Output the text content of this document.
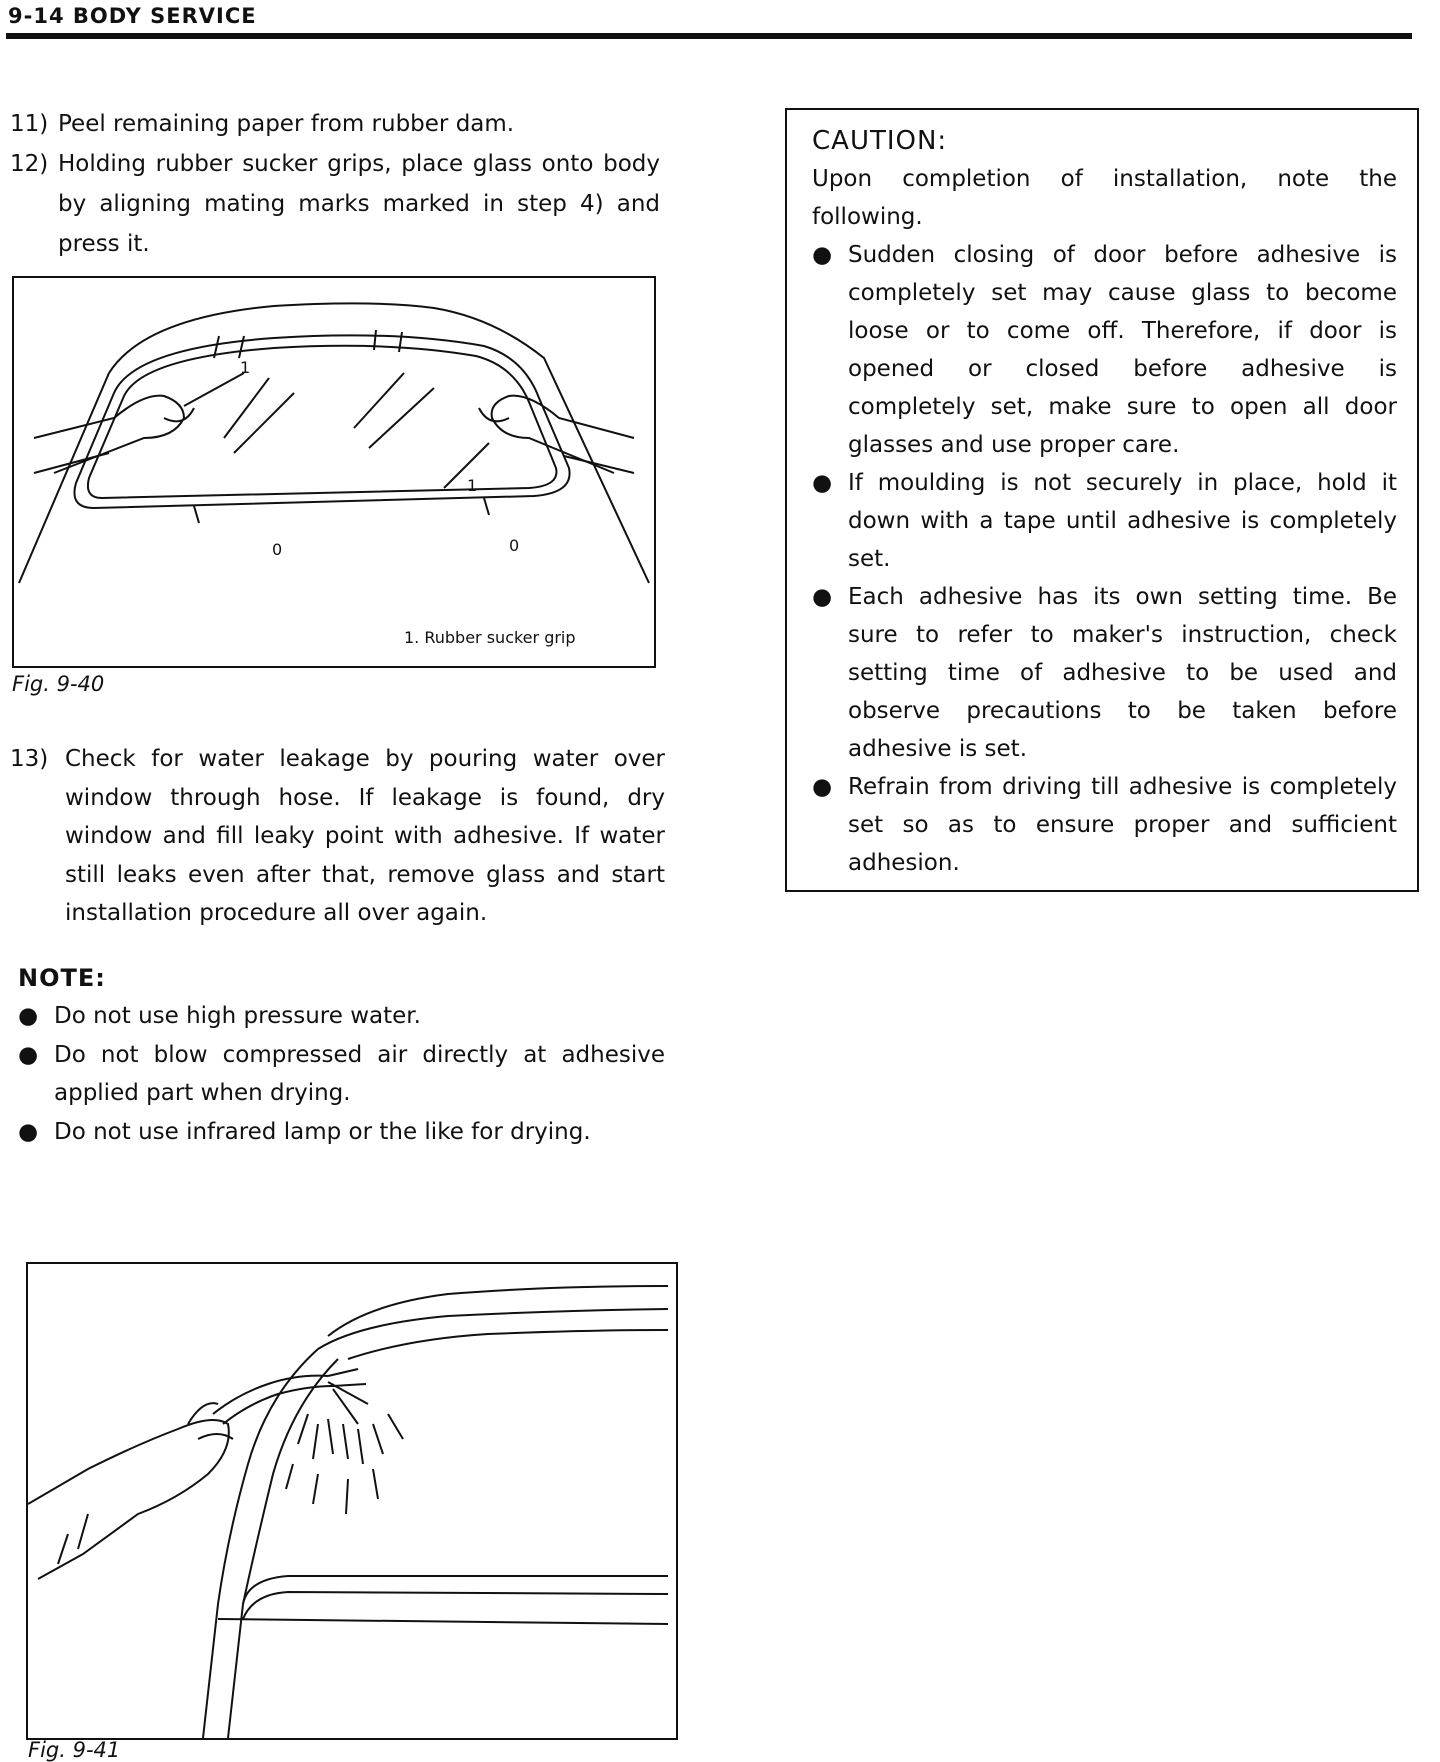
9-14 BODY SERVICE
11) Peel remaining paper from rubber dam.
12) Holding rubber sucker grips, place glass onto body by aligning mating marks marked in step 4) and press it.
1
1
0	0
1. Rubber sucker grip
Fig. 9-40
13) Check for water leakage by pouring water over window through hose. If leakage is found, dry window and fill leaky point with adhesive. If water still leaks even after that, remove glass and start installation procedure all over again.
NOTE:
● Do not use high pressure water.
● Do not blow compressed air directly at adhesive applied part when drying.
● Do not use infrared lamp or the like for drying.
Fig. 9-41
CAUTION:
Upon completion of installation, note the following.
● Sudden closing of door before adhesive is completely set may cause glass to become loose or to come off. Therefore, if door is opened or closed before adhesive is completely set, make sure to open all door glasses and use proper care.
● If moulding is not securely in place, hold it down with a tape until adhesive is completely set.
● Each adhesive has its own setting time. Be sure to refer to maker's instruction, check setting time of adhesive to be used and observe precautions to be taken before adhesive is set.
● Refrain from driving till adhesive is completely set so as to ensure proper and sufficient adhesion.
